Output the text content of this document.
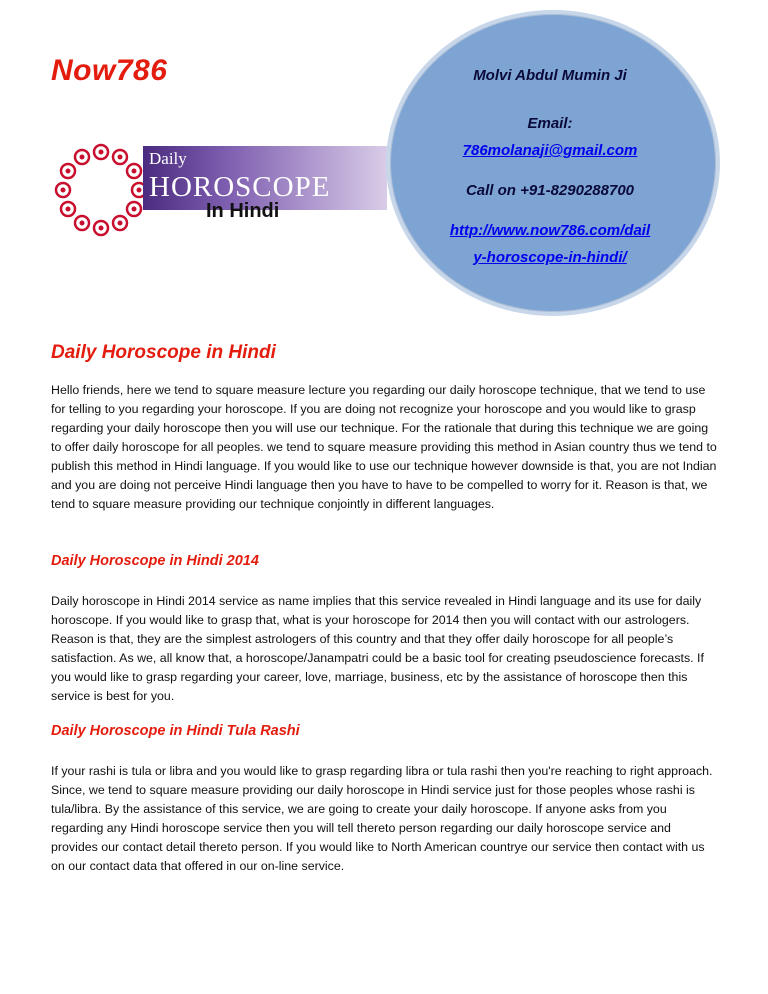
Now786
Daily
HOROSCOPE
In Hindi
Molvi Abdul Mumin Ji
Email:
786molanaji@gmail.com
Call on +91-8290288700
http://www.now786.com/dail
y-horoscope-in-hindi/
Daily Horoscope in Hindi

Hello friends, here we tend to square measure lecture you regarding our daily horoscope technique, that we tend to use for telling to you regarding your horoscope. If you are doing not recognize your horoscope and you would like to grasp regarding your daily horoscope then you will use our technique. For the rationale that during this technique we are going to offer daily horoscope for all peoples. we tend to square measure providing this method in Asian country thus we tend to publish this method in Hindi language. If you would like to use our technique however downside is that, you are not Indian and you are doing not perceive Hindi language then you have to have to be compelled to worry for it. Reason is that, we tend to square measure providing our technique conjointly in different languages.

Daily Horoscope in Hindi 2014

Daily horoscope in Hindi 2014 service as name implies that this service revealed in Hindi language and its use for daily horoscope. If you would like to grasp that, what is your horoscope for 2014 then you will contact with our astrologers. Reason is that, they are the simplest astrologers of this country and that they offer daily horoscope for all people’s satisfaction. As we, all know that, a horoscope/Janampatri could be a basic tool for creating pseudoscience forecasts. If you would like to grasp regarding your career, love, marriage, business, etc by the assistance of horoscope then this service is best for you.

Daily Horoscope in Hindi Tula Rashi

If your rashi is tula or libra and you would like to grasp regarding libra or tula rashi then you're reaching to right approach. Since, we tend to square measure providing our daily horoscope in Hindi service just for those peoples whose rashi is tula/libra. By the assistance of this service, we are going to create your daily horoscope. If anyone asks from you regarding any Hindi horoscope service then you will tell thereto person regarding our daily horoscope service and provides our contact detail thereto person. If you would like to North American countrye our service then contact with us on our contact data that offered in our on-line service.
